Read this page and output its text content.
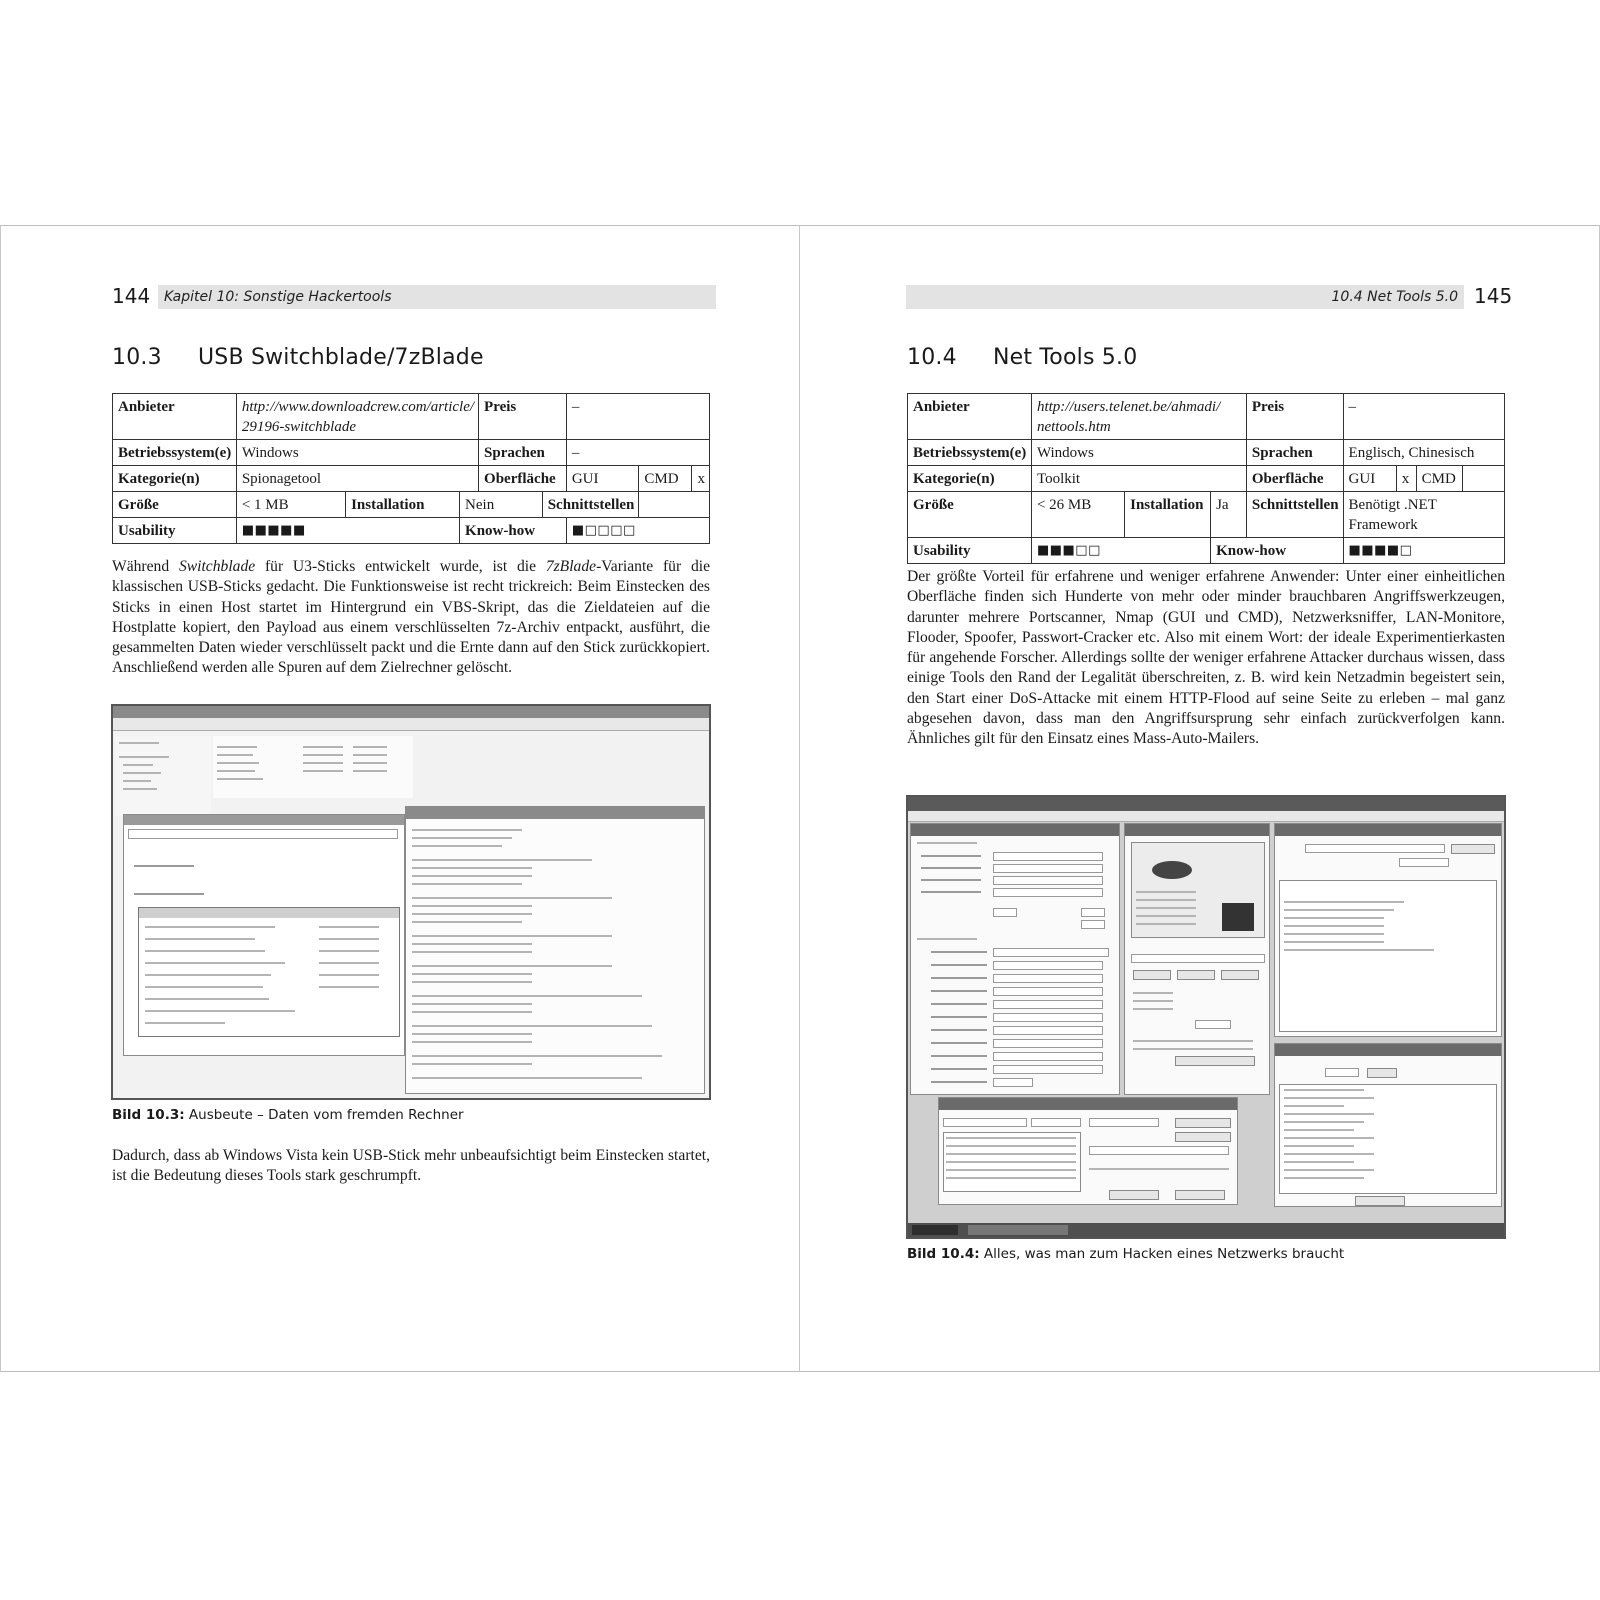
144 Kapitel 10: Sonstige Hackertools
10.3 USB Switchblade/7zBlade
Anbieter	http://www.downloadcrew.com/article/
29196-switchblade			Preis		–		
Betriebssystem(e)	Windows			Sprachen		–		
Kategorie(n)	Spionagetool			Oberfläche		GUI	CMD	x
Größe	< 1 MB	Installation	Nein		Schnittstellen			
Usability	■■■■■		Know-how			■□□□□		

Während Switchblade für U3-Sticks entwickelt wurde, ist die 7zBlade-Variante für die klassischen USB-Sticks gedacht. Die Funktionsweise ist recht trickreich: Beim Einstecken des Sticks in einen Host startet im Hintergrund ein VBS-Skript, das die Zieldateien auf die Hostplatte kopiert, den Payload aus einem verschlüsselten 7z-Archiv entpackt, ausführt, die gesammelten Daten wieder verschlüsselt packt und die Ernte dann auf den Stick zurückkopiert. Anschließend werden alle Spuren auf dem Zielrechner gelöscht.

Bild 10.3: Ausbeute – Daten vom fremden Rechner

Dadurch, dass ab Windows Vista kein USB-Stick mehr unbeaufsichtigt beim Einstecken startet, ist die Bedeutung dieses Tools stark geschrumpft.

10.4 Net Tools 5.0 145
10.4 Net Tools 5.0
Anbieter	http://users.telenet.be/ahmadi/
nettools.htm			Preis	–			
Betriebssystem(e)	Windows			Sprachen	Englisch, Chinesisch			
Kategorie(n)	Toolkit			Oberfläche	GUI	x	CMD	
Größe	< 26 MB	Installation	Ja	Schnittstellen	Benötigt .NET
Framework			
Usability	■■■□□		Know-how		■■■■□			

Der größte Vorteil für erfahrene und weniger erfahrene Anwender: Unter einer einheitlichen Oberfläche finden sich Hunderte von mehr oder minder brauchbaren Angriffswerkzeugen, darunter mehrere Portscanner, Nmap (GUI und CMD), Netzwerksniffer, LAN-Monitore, Flooder, Spoofer, Passwort-Cracker etc. Also mit einem Wort: der ideale Experimentierkasten für angehende Forscher. Allerdings sollte der weniger erfahrene Attacker durchaus wissen, dass einige Tools den Rand der Legalität überschreiten, z. B. wird kein Netzadmin begeistert sein, den Start einer DoS-Attacke mit einem HTTP-Flood auf seine Seite zu erleben – mal ganz abgesehen davon, dass man den Angriffsursprung sehr einfach zurückverfolgen kann. Ähnliches gilt für den Einsatz eines Mass-Auto-Mailers.

Bild 10.4: Alles, was man zum Hacken eines Netzwerks braucht
